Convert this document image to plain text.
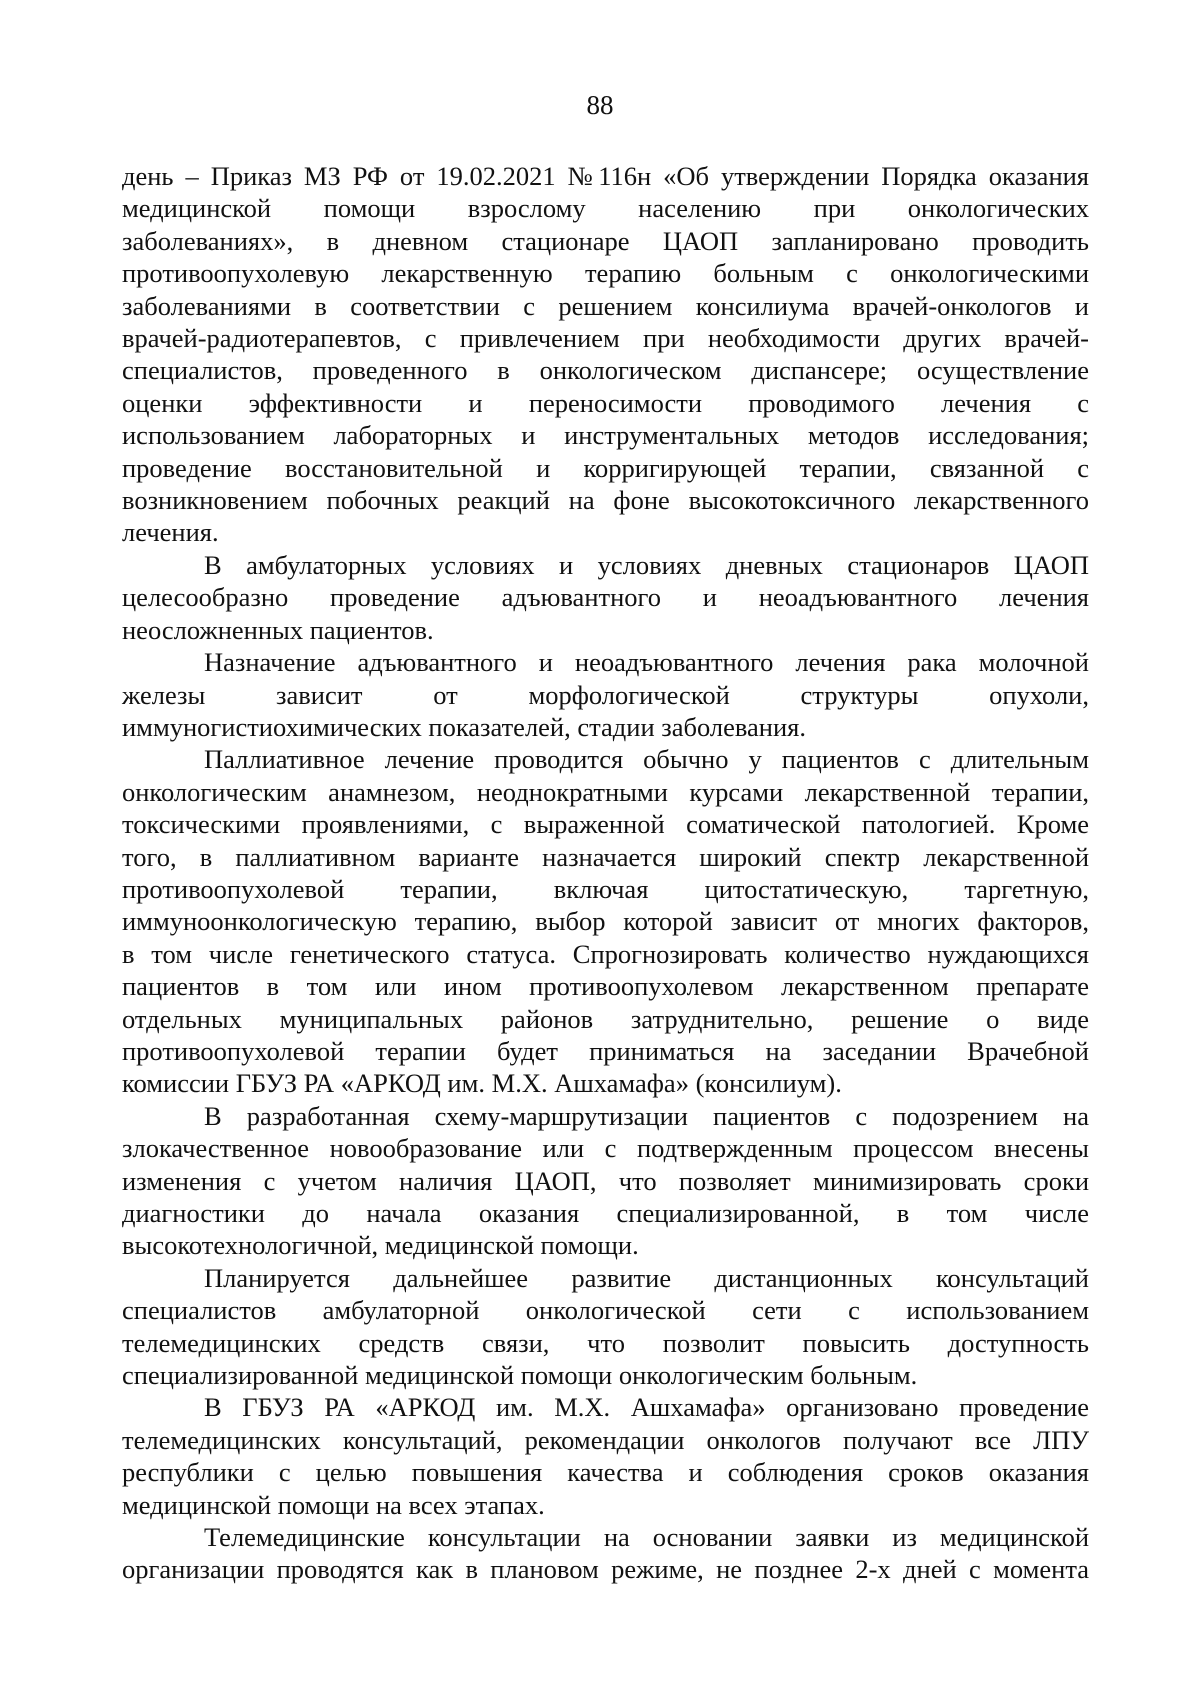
88
день – Приказ МЗ РФ от 19.02.2021 №116н «Об утверждении Порядка оказания
медицинской помощи взрослому населению при онкологических
заболеваниях», в дневном стационаре ЦАОП запланировано проводить
противоопухолевую лекарственную терапию больным с онкологическими
заболеваниями в соответствии с решением консилиума врачей-онкологов и
врачей-радиотерапевтов, с привлечением при необходимости других врачей-
специалистов, проведенного в онкологическом диспансере; осуществление
оценки эффективности и переносимости проводимого лечения с
использованием лабораторных и инструментальных методов исследования;
проведение восстановительной и корригирующей терапии, связанной с
возникновением побочных реакций на фоне высокотоксичного лекарственного
лечения.
В амбулаторных условиях и условиях дневных стационаров ЦАОП
целесообразно проведение адъювантного и неоадъювантного лечения
неосложненных пациентов.
Назначение адъювантного и неоадъювантного лечения рака молочной
железы зависит от морфологической структуры опухоли,
иммуногистиохимических показателей, стадии заболевания.
Паллиативное лечение проводится обычно у пациентов с длительным
онкологическим анамнезом, неоднократными курсами лекарственной терапии,
токсическими проявлениями, с выраженной соматической патологией. Кроме
того, в паллиативном варианте назначается широкий спектр лекарственной
противоопухолевой терапии, включая цитостатическую, таргетную,
иммуноонкологическую терапию, выбор которой зависит от многих факторов,
в том числе генетического статуса. Спрогнозировать количество нуждающихся
пациентов в том или ином противоопухолевом лекарственном препарате
отдельных муниципальных районов затруднительно, решение о виде
противоопухолевой терапии будет приниматься на заседании Врачебной
комиссии ГБУЗ РА «АРКОД им. М.Х. Ашхамафа» (консилиум).
В разработанная схему-маршрутизации пациентов с подозрением на
злокачественное новообразование или с подтвержденным процессом внесены
изменения с учетом наличия ЦАОП, что позволяет минимизировать сроки
диагностики до начала оказания специализированной, в том числе
высокотехнологичной, медицинской помощи.
Планируется дальнейшее развитие дистанционных консультаций
специалистов амбулаторной онкологической сети с использованием
телемедицинских средств связи, что позволит повысить доступность
специализированной медицинской помощи онкологическим больным.
В ГБУЗ РА «АРКОД им. М.Х. Ашхамафа» организовано проведение
телемедицинских консультаций, рекомендации онкологов получают все ЛПУ
республики с целью повышения качества и соблюдения сроков оказания
медицинской помощи на всех этапах.
Телемедицинские консультации на основании заявки из медицинской
организации проводятся как в плановом режиме, не позднее 2-х дней с момента
